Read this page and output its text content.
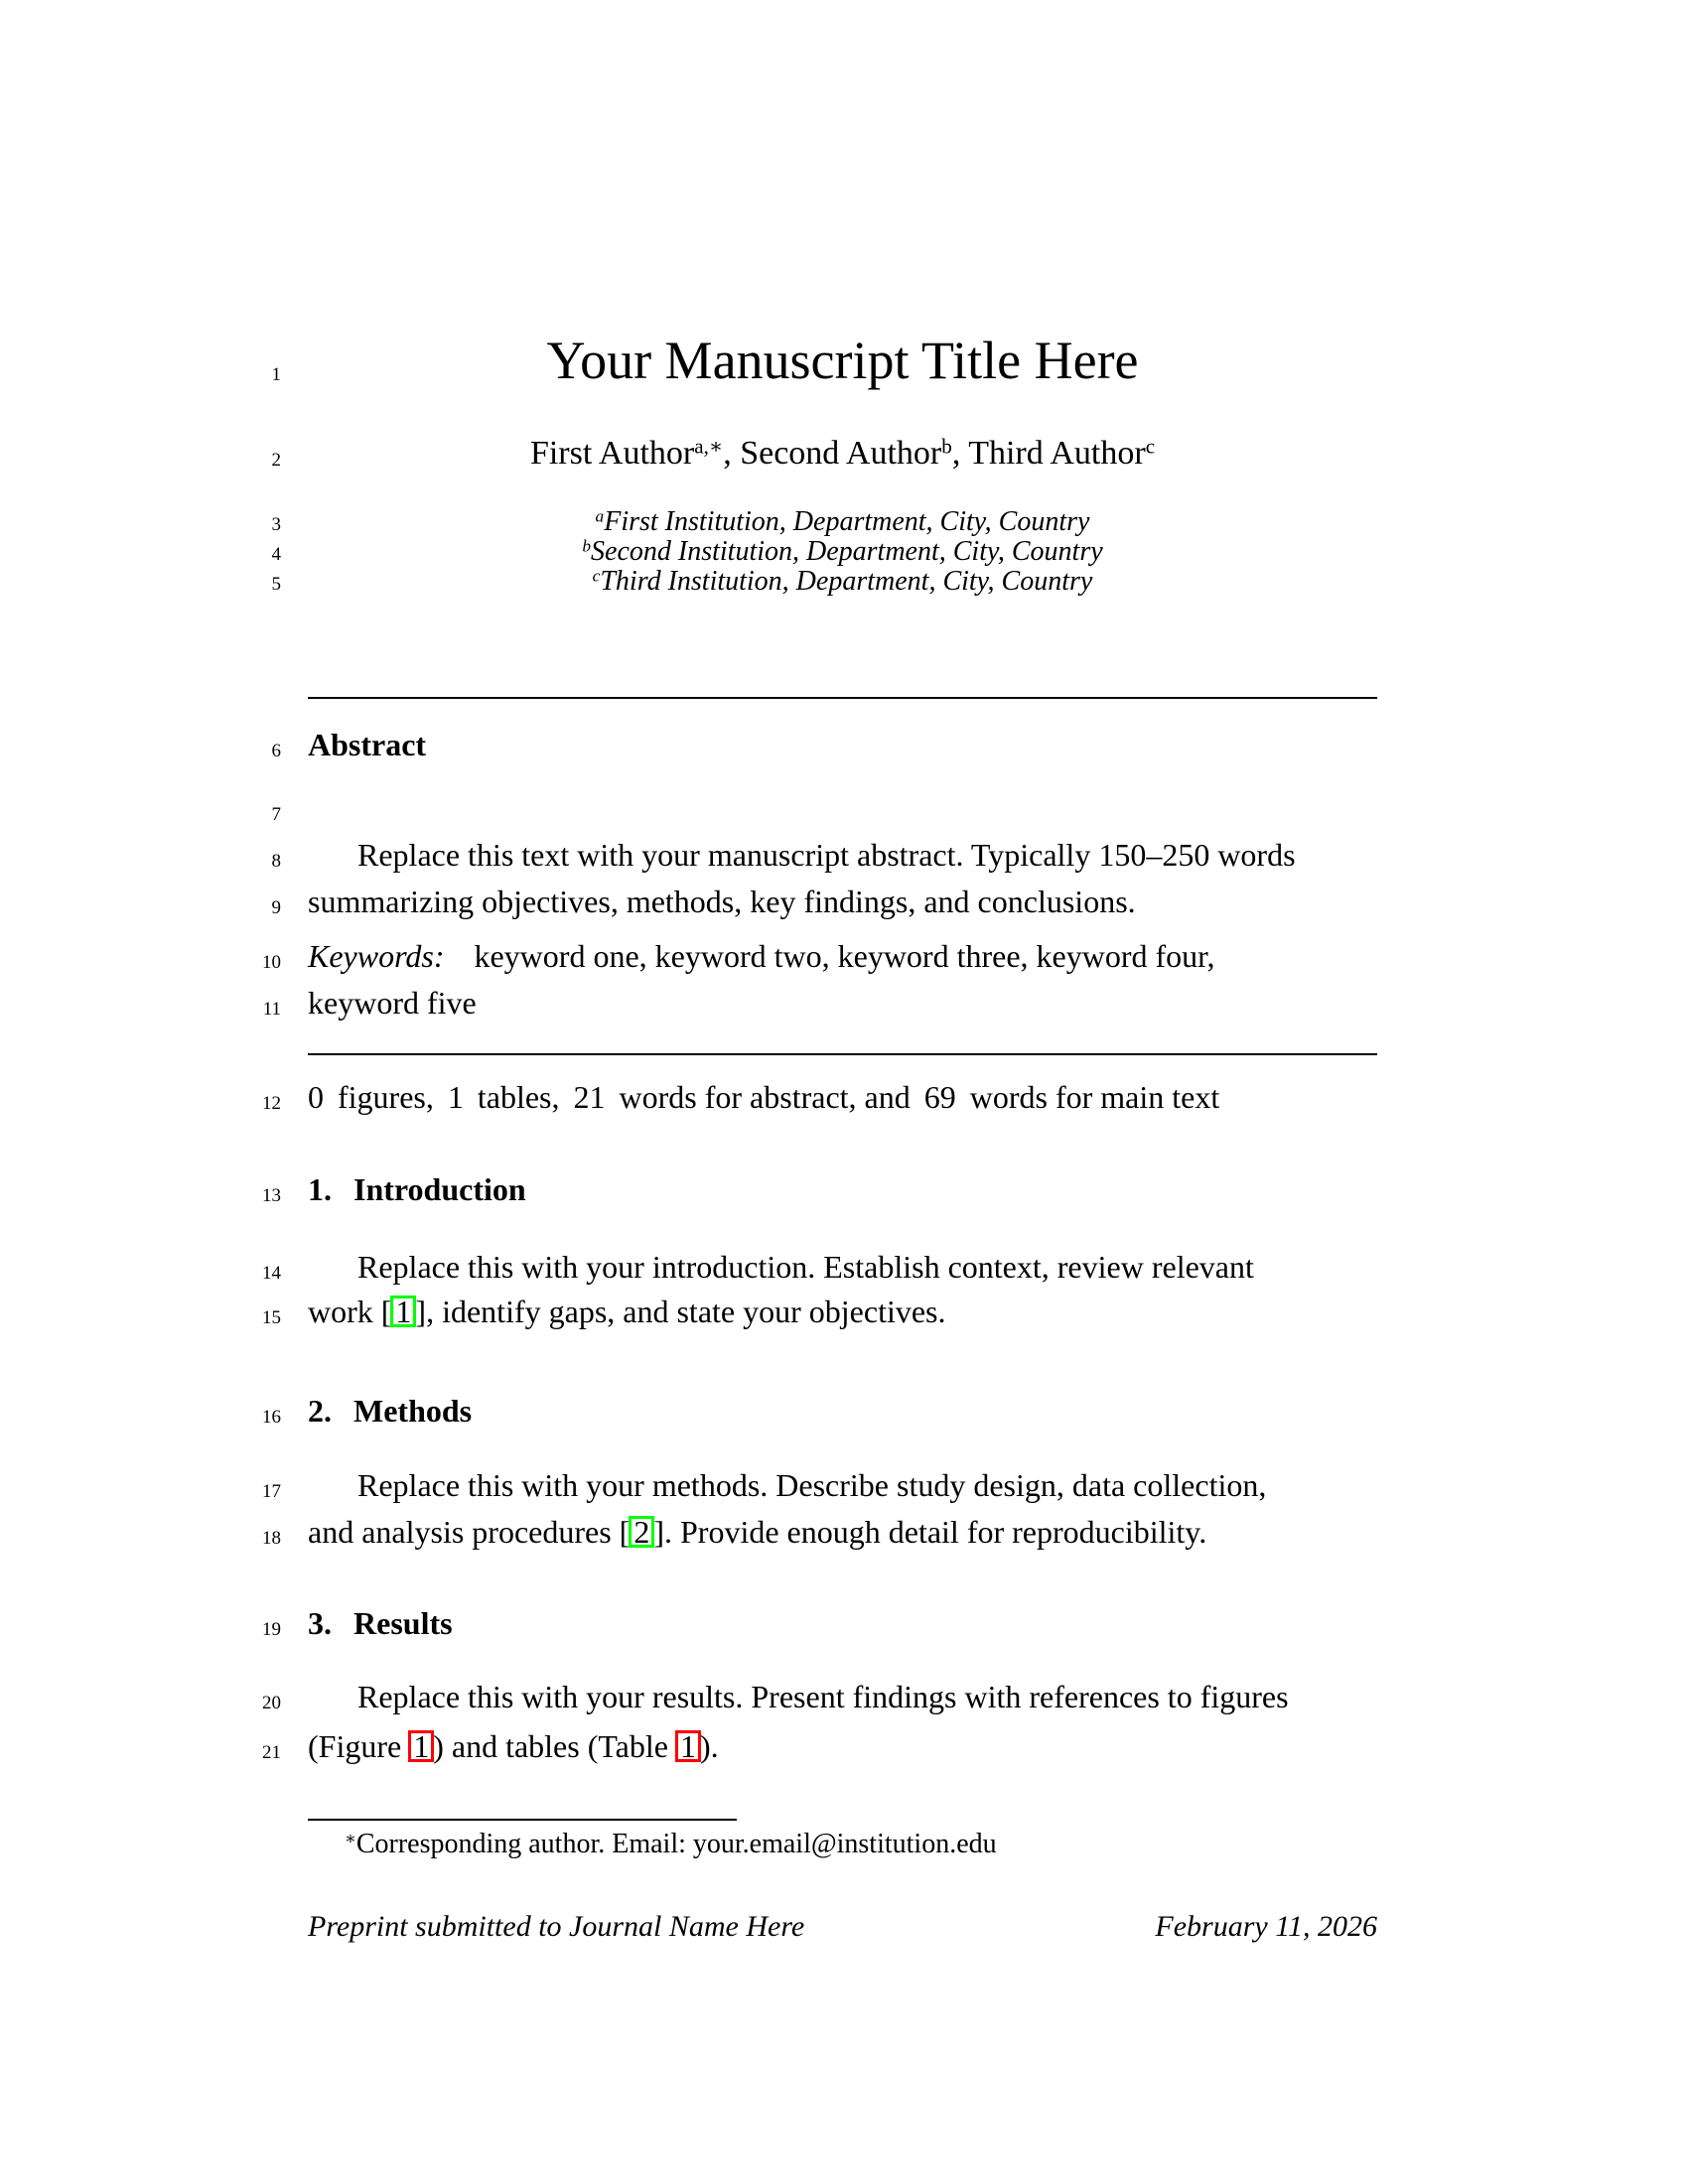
1
2
3
4
5
6
7
8
9
10
11
12
13
14
15
16
17
18
19
20
21
Your Manuscript Title Here
First Author$^{a,∗}$, Second Author$^b$, Third Author$^c$
$^a$First Institution, Department, City, Country
$^b$Second Institution, Department, City, Country
$^c$Third Institution, Department, City, Country
Abstract
Replace this text with your manuscript abstract. Typically 150–250 words
summarizing objectives, methods, key findings, and conclusions.
Keywords: keyword one, keyword two, keyword three, keyword four,
keyword five
0 figures, 1 tables, 21 words for abstract, and 69 words for main text
1. Introduction
Replace this with your introduction. Establish context, review relevant
work [ 1 ], identify gaps, and state your objectives.
2. Methods
Replace this with your methods. Describe study design, data collection,
and analysis procedures [ 2 ]. Provide enough detail for reproducibility.
3. Results
Replace this with your results. Present findings with references to figures
(Figure 1 ) and tables (Table 1 ).
∗Corresponding author. Email: your.email@institution.edu
Preprint submitted to Journal Name Here	February 11, 2026
